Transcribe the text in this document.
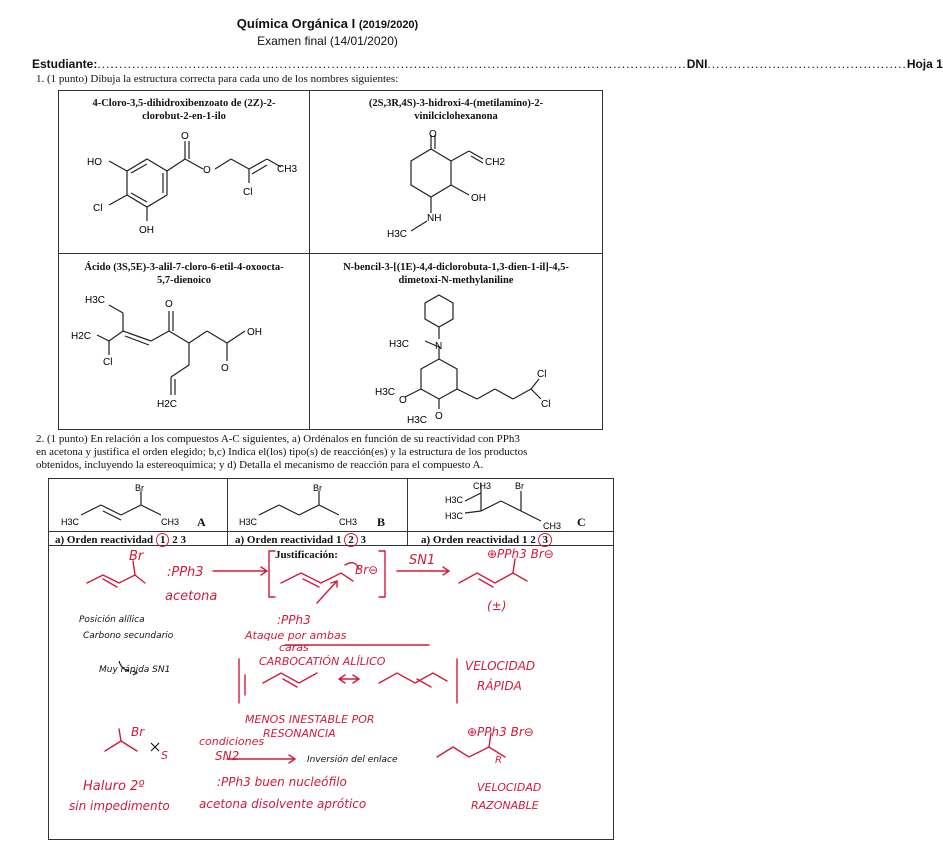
Química Orgánica I (2019/2020)
Examen final (14/01/2020)
Estudiante: ........................................................................................................................................ DNI .............................................. Hoja 1
1. (1 punto) Dibuja la estructura correcta para cada uno de los nombres siguientes:
4-Cloro-3,5-dihidroxibenzoato de (2Z)-2-
clorobut-2-en-1-ilo
HO
O	CH3
Cl
Cl
OH
O
(2S,3R,4S)-3-hidroxi-4-(metilamino)-2-
vinilciclohexanona
O
CH2
OH
NH
H3C
Ácido (3S,5E)-3-alil-7-cloro-6-etil-4-oxoocta-
5,7-dienoico
H3C	O
OH
H2C
Cl
O
H2C
N-bencil-3-[(1E)-4,4-diclorobuta-1,3-dien-1-il]-4,5-
dimetoxi-N-methylaniline
H3C	N
H3C
O
Cl
Cl
O
H3C
2. (1 punto) En relación a los compuestos A-C siguientes, a) Ordénalos en función de su reactividad con PPh3
en acetona y justifica el orden elegido; b,c) Indica el(los) tipo(s) de reacción(es) y la estructura de los productos
obtenidos, incluyendo la estereoquímica; y d) Detalla el mecanismo de reacción para el compuesto A.
Br
H3C	CH3 A
a) Orden reactividad 1 2 3
Br
H3C	CH3 B
a) Orden reactividad 1 2 3
CH3	Br
H3C
H3C
CH3 C
a) Orden reactividad 1 2 3
Justificación:
Br
:PPh3
acetona
Br⊖
SN1	⊕PPh3 Br⊖
(±)
:PPh3
Ataque por ambas
caras
CARBOCATIÓN ALÍLICO	VELOCIDAD
RÁPIDA
Posición alílica
Carbono secundario
Muy rápida SN1
MENOS INESTABLE POR
RESONANCIA
Br
S
condiciones
SN2	Inversión del enlace
⊕PPh3 Br⊖
R
Haluro 2º
sin impedimento
:PPh3 buen nucleófilo
acetona disolvente aprótico
VELOCIDAD
RAZONABLE
